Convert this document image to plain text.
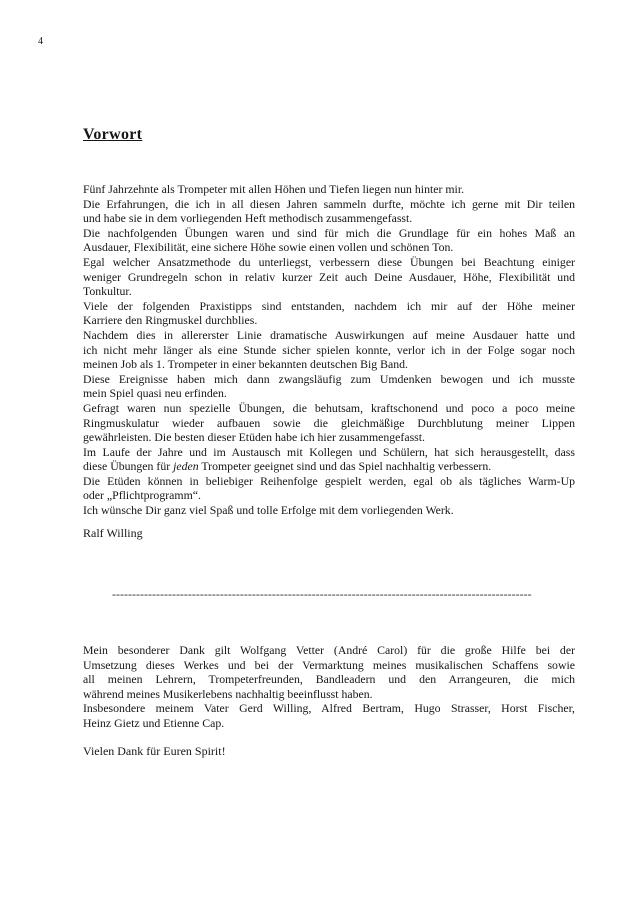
4
Vorwort
Fünf Jahrzehnte als Trompeter mit allen Höhen und Tiefen liegen nun hinter mir.
Die Erfahrungen, die ich in all diesen Jahren sammeln durfte, möchte ich gerne mit Dir teilen
und habe sie in dem vorliegenden Heft methodisch zusammengefasst.
Die nachfolgenden Übungen waren und sind für mich die Grundlage für ein hohes Maß an
Ausdauer, Flexibilität, eine sichere Höhe sowie einen vollen und schönen Ton.
Egal welcher Ansatzmethode du unterliegst, verbessern diese Übungen bei Beachtung einiger
weniger Grundregeln schon in relativ kurzer Zeit auch Deine Ausdauer, Höhe, Flexibilität und
Tonkultur.
Viele der folgenden Praxistipps sind entstanden, nachdem ich mir auf der Höhe meiner
Karriere den Ringmuskel durchblies.
Nachdem dies in allererster Linie dramatische Auswirkungen auf meine Ausdauer hatte und
ich nicht mehr länger als eine Stunde sicher spielen konnte, verlor ich in der Folge sogar noch
meinen Job als 1. Trompeter in einer bekannten deutschen Big Band.
Diese Ereignisse haben mich dann zwangsläufig zum Umdenken bewogen und ich musste
mein Spiel quasi neu erfinden.
Gefragt waren nun spezielle Übungen, die behutsam, kraftschonend und poco a poco meine
Ringmuskulatur wieder aufbauen sowie die gleichmäßige Durchblutung meiner Lippen
gewährleisten. Die besten dieser Etüden habe ich hier zusammengefasst.
Im Laufe der Jahre und im Austausch mit Kollegen und Schülern, hat sich herausgestellt, dass
diese Übungen für jeden Trompeter geeignet sind und das Spiel nachhaltig verbessern.
Die Etüden können in beliebiger Reihenfolge gespielt werden, egal ob als tägliches Warm-Up
oder „Pflichtprogramm“.
Ich wünsche Dir ganz viel Spaß und tolle Erfolge mit dem vorliegenden Werk.
Ralf Willing
---------------------------------------------------------------------------------------------------------
Mein besonderer Dank gilt Wolfgang Vetter (André Carol) für die große Hilfe bei der
Umsetzung dieses Werkes und bei der Vermarktung meines musikalischen Schaffens sowie
all meinen Lehrern, Trompeterfreunden, Bandleadern und den Arrangeuren, die mich
während meines Musikerlebens nachhaltig beeinflusst haben.
Insbesondere meinem Vater Gerd Willing, Alfred Bertram, Hugo Strasser, Horst Fischer,
Heinz Gietz und Etienne Cap.
Vielen Dank für Euren Spirit!
